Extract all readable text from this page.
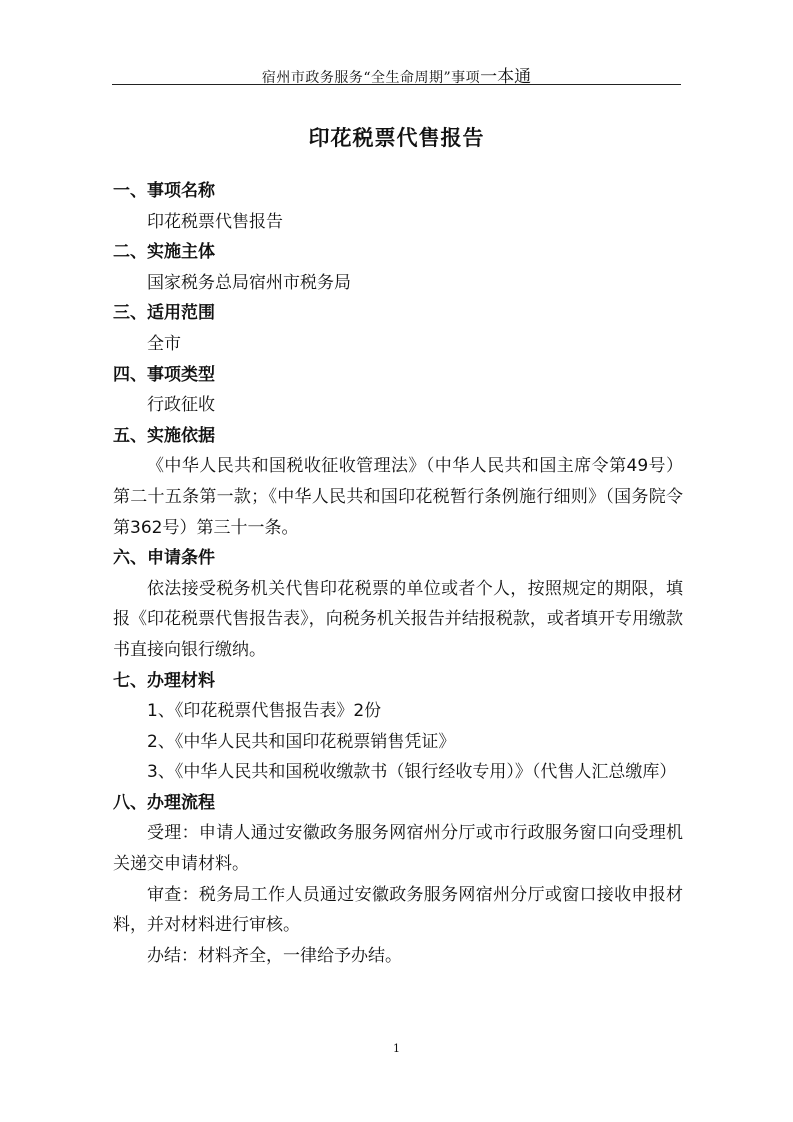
宿州市政务服务“全生命周期”事项一本通
印花税票代售报告
一、事项名称
印花税票代售报告
二、实施主体
国家税务总局宿州市税务局
三、适用范围
全市
四、事项类型
行政征收
五、实施依据
《中华人民共和国税收征收管理法》（中华人民共和国主席令第49号）第二十五条第一款；《中华人民共和国印花税暂行条例施行细则》（国务院令第362号）第三十一条。
六、申请条件
依法接受税务机关代售印花税票的单位或者个人，按照规定的期限，填报《印花税票代售报告表》，向税务机关报告并结报税款，或者填开专用缴款书直接向银行缴纳。
七、办理材料
1、《印花税票代售报告表》2份
2、《中华人民共和国印花税票销售凭证》
3、《中华人民共和国税收缴款书（银行经收专用）》（代售人汇总缴库）
八、办理流程
受理：申请人通过安徽政务服务网宿州分厅或市行政服务窗口向受理机关递交申请材料。
审查：税务局工作人员通过安徽政务服务网宿州分厅或窗口接收申报材料，并对材料进行审核。
办结：材料齐全，一律给予办结。
1
